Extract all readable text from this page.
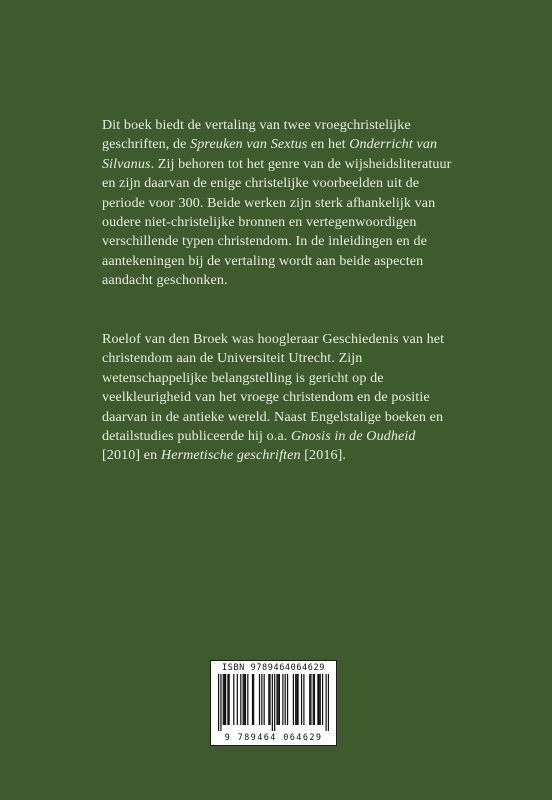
Dit boek biedt de vertaling van twee vroegchristelijke geschriften, de Spreuken van Sextus en het Onderricht van Silvanus. Zij behoren tot het genre van de wijsheidsliteratuur en zijn daarvan de enige christelijke voorbeelden uit de periode voor 300. Beide werken zijn sterk afhankelijk van oudere niet-christelijke bronnen en vertegenwoordigen verschillende typen christendom. In de inleidingen en de aantekeningen bij de vertaling wordt aan beide aspecten aandacht geschonken.

Roelof van den Broek was hoogleraar Geschiedenis van het christendom aan de Universiteit Utrecht. Zijn wetenschappelijke belangstelling is gericht op de veelkleurigheid van het vroege christendom en de positie daarvan in de antieke wereld. Naast Engelstalige boeken en detailstudies publiceerde hij o.a. Gnosis in de Oudheid [2010] en Hermetische geschriften [2016].

ISBN 9789464064629
9 789464 064629
